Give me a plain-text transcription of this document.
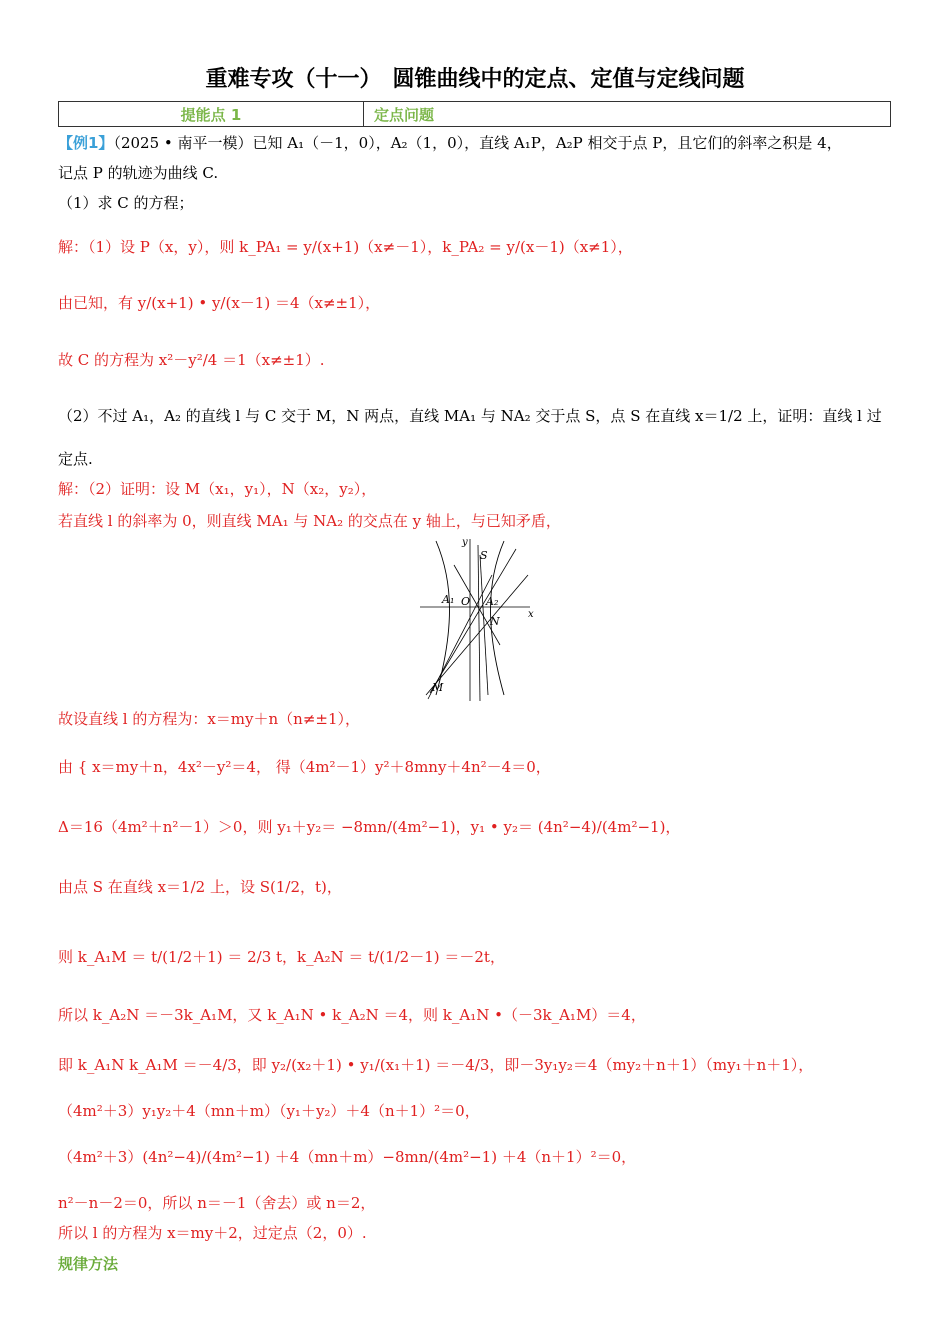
重难专攻（十一）　圆锥曲线中的定点、定值与定线问题
提能点 1	定点问题
【例1】（2025 • 南平一模）已知 A₁（－1，0），A₂（1，0），直线 A₁P，A₂P 相交于点 P，且它们的斜率之积是 4，
记点 P 的轨迹为曲线 C.
（1）求 C 的方程；
解：（1）设 P（x，y），则 k_PA₁ = y/(x+1)（x≠－1），k_PA₂ = y/(x－1)（x≠1），
由已知，有 y/(x+1) • y/(x－1) ＝4（x≠±1），
故 C 的方程为 x²－y²/4 ＝1（x≠±1）.
（2）不过 A₁，A₂ 的直线 l 与 C 交于 M，N 两点，直线 MA₁ 与 NA₂ 交于点 S，点 S 在直线 x＝1/2 上，证明：直线 l 过
定点.
解：（2）证明：设 M（x₁，y₁），N（x₂，y₂），
若直线 l 的斜率为 0，则直线 MA₁ 与 NA₂ 的交点在 y 轴上，与已知矛盾，
y
x
S
A₁ O A₂
N
M
故设直线 l 的方程为：x＝my＋n（n≠±1），
由 { x＝my＋n，4x²－y²＝4， 得（4m²－1）y²＋8mny＋4n²－4＝0，
Δ＝16（4m²＋n²－1）＞0，则 y₁＋y₂＝ −8mn/(4m²−1)，y₁ • y₂＝ (4n²−4)/(4m²−1)，
由点 S 在直线 x＝1/2 上，设 S(1/2，t)，
则 k_A₁M ＝ t/(1/2＋1) ＝ 2/3 t，k_A₂N ＝ t/(1/2－1) ＝－2t，
所以 k_A₂N ＝－3k_A₁M，又 k_A₁N • k_A₂N ＝4，则 k_A₁N •（－3k_A₁M）＝4，
即 k_A₁N k_A₁M ＝－4/3，即 y₂/(x₂＋1) • y₁/(x₁＋1) ＝－4/3，即－3y₁y₂＝4（my₂＋n＋1）（my₁＋n＋1），
（4m²＋3）y₁y₂＋4（mn＋m）（y₁＋y₂）＋4（n＋1）²＝0，
（4m²＋3）(4n²−4)/(4m²−1) ＋4（mn＋m）−8mn/(4m²−1) ＋4（n＋1）²＝0，
n²－n－2＝0，所以 n＝－1（舍去）或 n＝2，
所以 l 的方程为 x＝my＋2，过定点（2，0）.
规律方法
